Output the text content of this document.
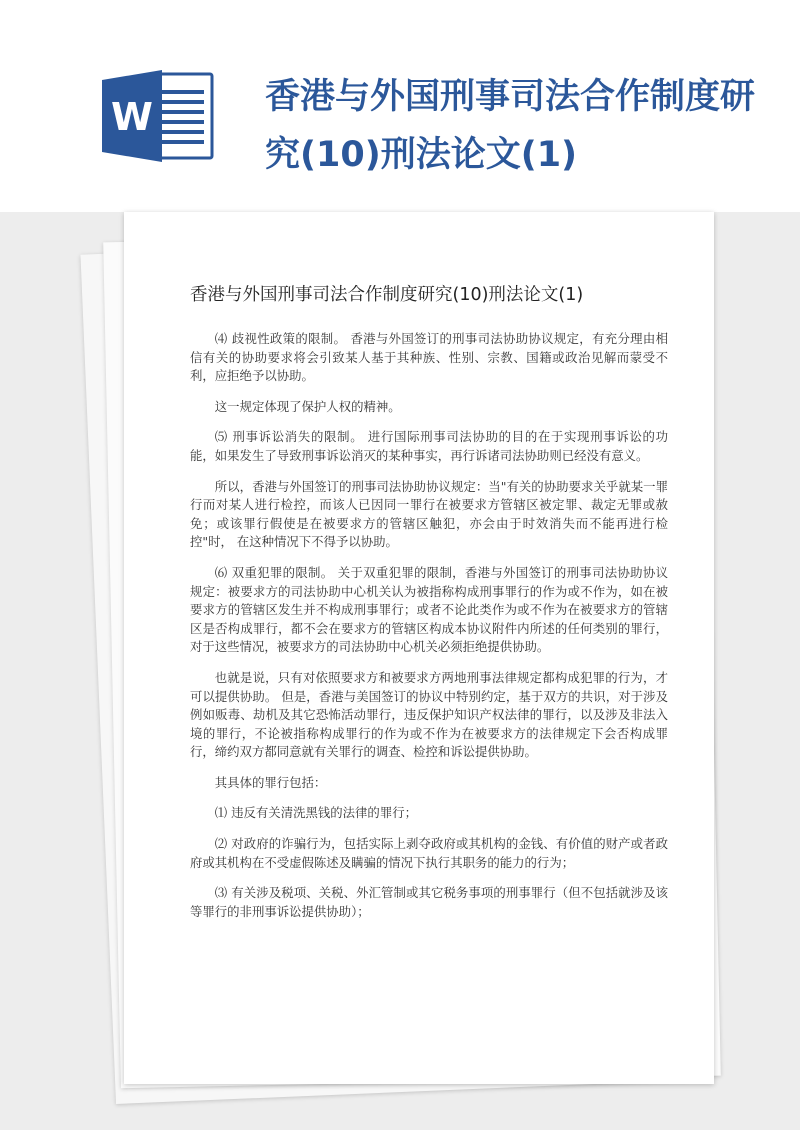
W	香港与外国刑事司法合作制度研究(10)刑法论文(1)
香港与外国刑事司法合作制度研究(10)刑法论文(1)

⑷ 歧视性政策的限制。 香港与外国签订的刑事司法协助协议规定，有充分理由相信有关的协助要求将会引致某人基于其种族、性别、宗教、国籍或政治见解而蒙受不利，应拒绝予以协助。

这一规定体现了保护人权的精神。

⑸ 刑事诉讼消失的限制。 进行国际刑事司法协助的目的在于实现刑事诉讼的功能，如果发生了导致刑事诉讼消灭的某种事实，再行诉诸司法协助则已经没有意义。

所以，香港与外国签订的刑事司法协助协议规定：当"有关的协助要求关乎就某一罪行而对某人进行检控，而该人已因同一罪行在被要求方管辖区被定罪、裁定无罪或赦免；或该罪行假使是在被要求方的管辖区触犯，亦会由于时效消失而不能再进行检控"时， 在这种情况下不得予以协助。

⑹ 双重犯罪的限制。 关于双重犯罪的限制，香港与外国签订的刑事司法协助协议规定：被要求方的司法协助中心机关认为被指称构成刑事罪行的作为或不作为，如在被要求方的管辖区发生并不构成刑事罪行；或者不论此类作为或不作为在被要求方的管辖区是否构成罪行，都不会在要求方的管辖区构成本协议附件内所述的任何类别的罪行，对于这些情况，被要求方的司法协助中心机关必须拒绝提供协助。

也就是说，只有对依照要求方和被要求方两地刑事法律规定都构成犯罪的行为，才可以提供协助。 但是，香港与美国签订的协议中特别约定，基于双方的共识，对于涉及例如贩毒、劫机及其它恐怖活动罪行，违反保护知识产权法律的罪行，以及涉及非法入境的罪行，不论被指称构成罪行的作为或不作为在被要求方的法律规定下会否构成罪行，缔约双方都同意就有关罪行的调查、检控和诉讼提供协助。

其具体的罪行包括：

⑴ 违反有关清洗黑钱的法律的罪行；

⑵ 对政府的诈骗行为，包括实际上剥夺政府或其机构的金钱、有价值的财产或者政府或其机构在不受虚假陈述及瞒骗的情况下执行其职务的能力的行为；

⑶ 有关涉及税项、关税、外汇管制或其它税务事项的刑事罪行（但不包括就涉及该等罪行的非刑事诉讼提供协助）；
